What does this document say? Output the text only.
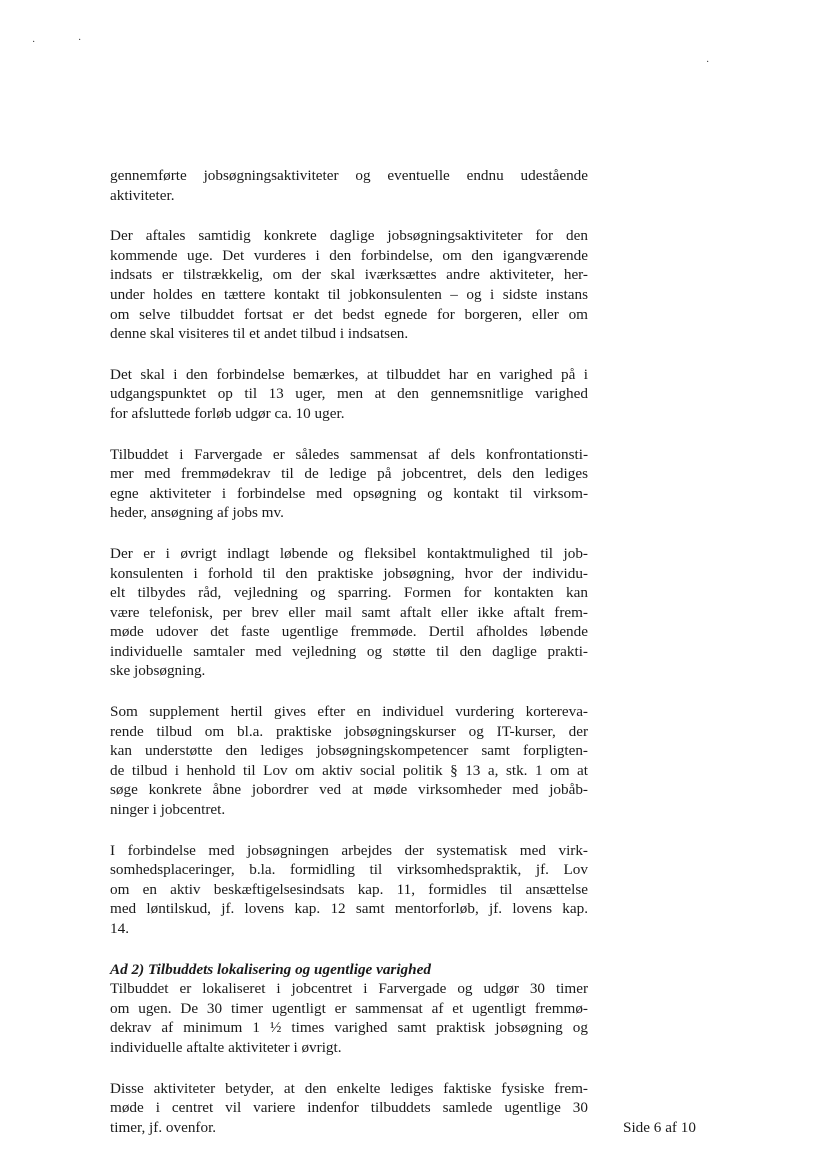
·	·
·
gennemførte jobsøgningsaktiviteter og eventuelle endnu udestående
aktiviteter.
Der aftales samtidig konkrete daglige jobsøgningsaktiviteter for den
kommende uge. Det vurderes i den forbindelse, om den igangværende
indsats er tilstrækkelig, om der skal iværksættes andre aktiviteter, her-
under holdes en tættere kontakt til jobkonsulenten – og i sidste instans
om selve tilbuddet fortsat er det bedst egnede for borgeren, eller om
denne skal visiteres til et andet tilbud i indsatsen.
Det skal i den forbindelse bemærkes, at tilbuddet har en varighed på i
udgangspunktet op til 13 uger, men at den gennemsnitlige varighed
for afsluttede forløb udgør ca. 10 uger.
Tilbuddet i Farvergade er således sammensat af dels konfrontationsti-
mer med fremmødekrav til de ledige på jobcentret, dels den lediges
egne aktiviteter i forbindelse med opsøgning og kontakt til virksom-
heder, ansøgning af jobs mv.
Der er i øvrigt indlagt løbende og fleksibel kontaktmulighed til job-
konsulenten i forhold til den praktiske jobsøgning, hvor der individu-
elt tilbydes råd, vejledning og sparring. Formen for kontakten kan
være telefonisk, per brev eller mail samt aftalt eller ikke aftalt frem-
møde udover det faste ugentlige fremmøde. Dertil afholdes løbende
individuelle samtaler med vejledning og støtte til den daglige prakti-
ske jobsøgning.
Som supplement hertil gives efter en individuel vurdering korterevа-
rende tilbud om bl.a. praktiske jobsøgningskurser og IT-kurser, der
kan understøtte den lediges jobsøgningskompetencer samt forpligten-
de tilbud i henhold til Lov om aktiv social politik § 13 a, stk. 1 om at
søge konkrete åbne jobordrer ved at møde virksomheder med jobåb-
ninger i jobcentret.
I forbindelse med jobsøgningen arbejdes der systematisk med virk-
somhedsplaceringer, b.la. formidling til virksomhedspraktik, jf. Lov
om en aktiv beskæftigelsesindsats kap. 11, formidles til ansættelse
med løntilskud, jf. lovens kap. 12 samt mentorforløb, jf. lovens kap.
14.
Ad 2) Tilbuddets lokalisering og ugentlige varighed
Tilbuddet er lokaliseret i jobcentret i Farvergade og udgør 30 timer
om ugen. De 30 timer ugentligt er sammensat af et ugentligt fremmø-
dekrav af minimum 1 ½ times varighed samt praktisk jobsøgning og
individuelle aftalte aktiviteter i øvrigt.
Disse aktiviteter betyder, at den enkelte lediges faktiske fysiske frem-
møde i centret vil variere indenfor tilbuddets samlede ugentlige 30
timer, jf. ovenfor.	Side 6 af 10
